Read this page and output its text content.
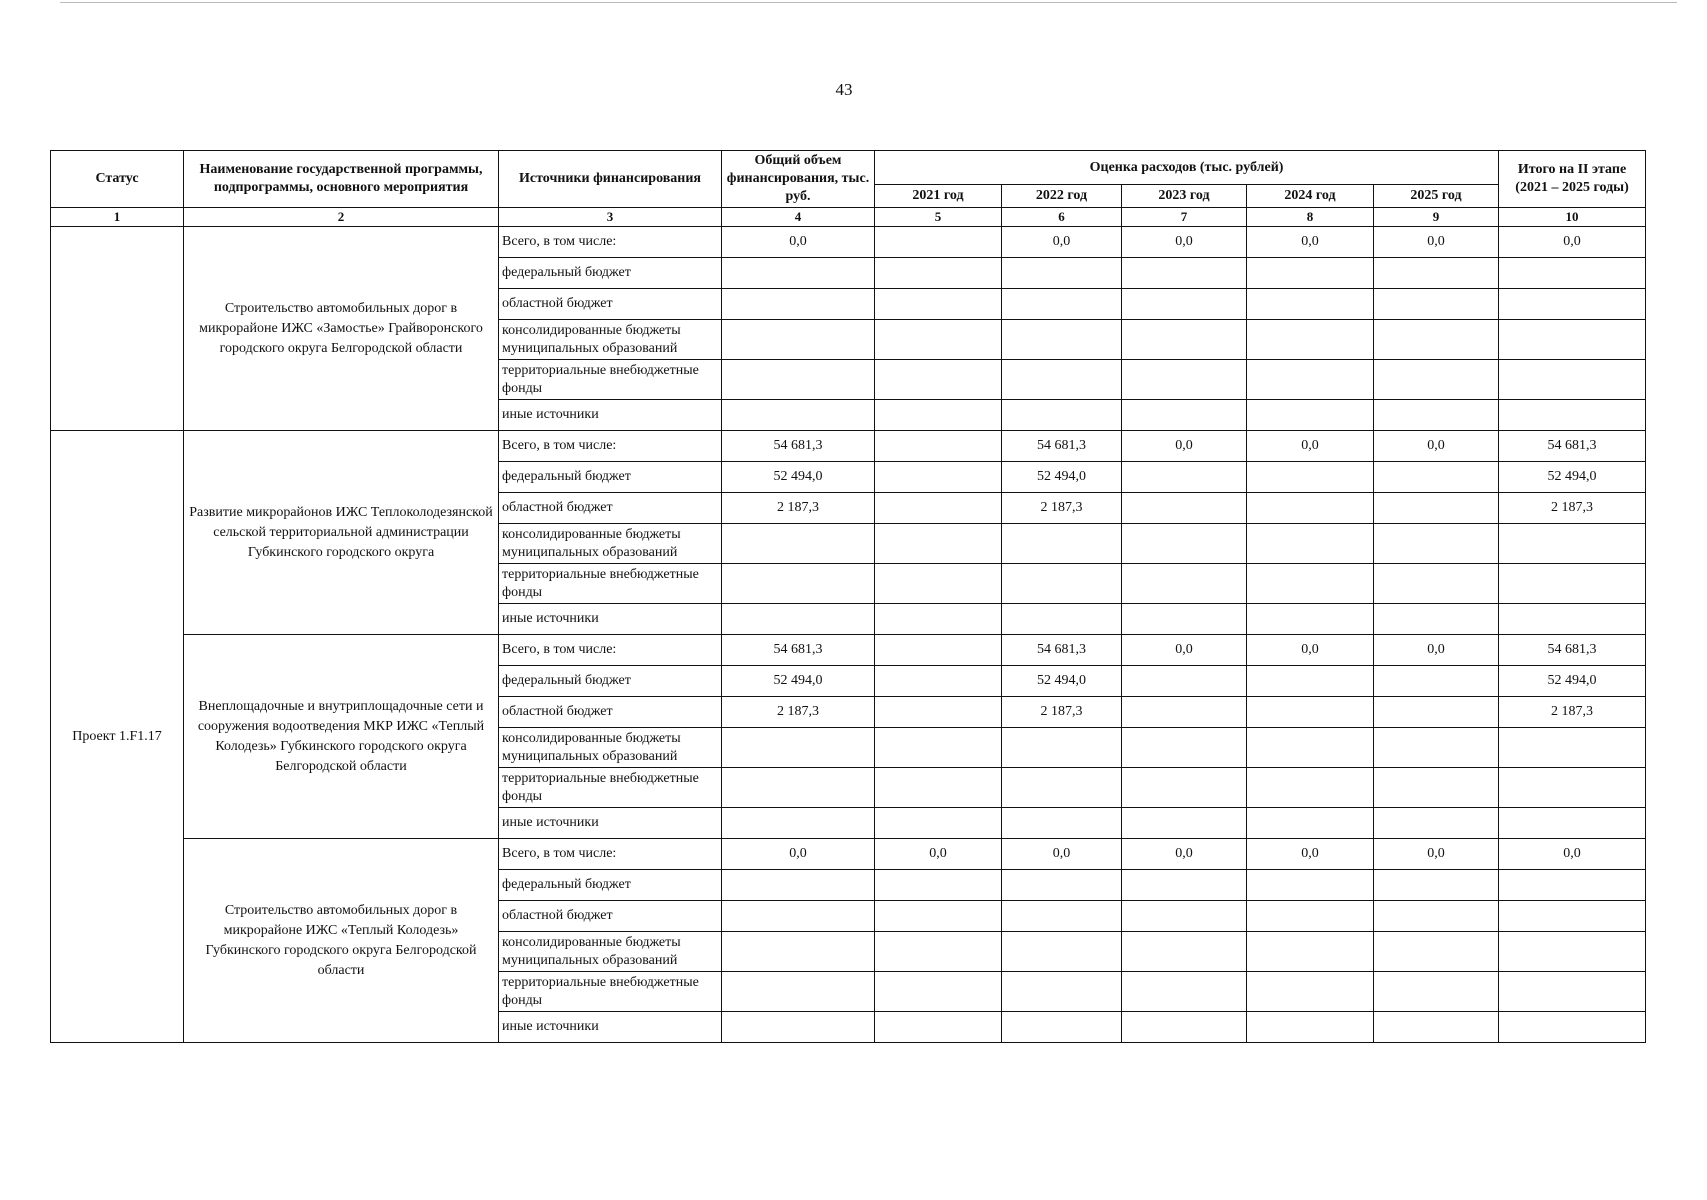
43
Статус	Наименование государственной программы, подпрограммы, основного мероприятия	Источники финансирования	Общий объем финансирования, тыс. руб.	Оценка расходов (тыс. рублей)					Итого на II этапе (2021 – 2025 годы)
				2021 год	2022 год	2023 год	2024 год	2025 год	
1	2	3	4	5	6	7	8	9	10
	Строительство автомобильных дорог в микрорайоне ИЖС «Замостье» Грайворонского городского округа Белгородской области	Всего, в том числе:	0,0		0,0	0,0	0,0	0,0	0,0
		федеральный бюджет							
		областной бюджет							
		консолидированные бюджеты муниципальных образований							
		территориальные внебюджетные фонды							
		иные источники							
Проект 1.F1.17	Развитие микрорайонов ИЖС Теплоколодезянской сельской территориальной администрации Губкинского городского округа	Всего, в том числе:	54 681,3		54 681,3	0,0	0,0	0,0	54 681,3
		федеральный бюджет	52 494,0		52 494,0				52 494,0
		областной бюджет	2 187,3		2 187,3				2 187,3
		консолидированные бюджеты муниципальных образований							
		территориальные внебюджетные фонды							
		иные источники							
	Внеплощадочные и внутриплощадочные сети и сооружения водоотведения МКР ИЖС «Теплый Колодезь» Губкинского городского округа Белгородской области	Всего, в том числе:	54 681,3		54 681,3	0,0	0,0	0,0	54 681,3
		федеральный бюджет	52 494,0		52 494,0				52 494,0
		областной бюджет	2 187,3		2 187,3				2 187,3
		консолидированные бюджеты муниципальных образований							
		территориальные внебюджетные фонды							
		иные источники							
	Строительство автомобильных дорог в микрорайоне ИЖС «Теплый Колодезь» Губкинского городского округа Белгородской области	Всего, в том числе:	0,0	0,0	0,0	0,0	0,0	0,0	0,0
		федеральный бюджет							
		областной бюджет							
		консолидированные бюджеты муниципальных образований							
		территориальные внебюджетные фонды							
		иные источники							
